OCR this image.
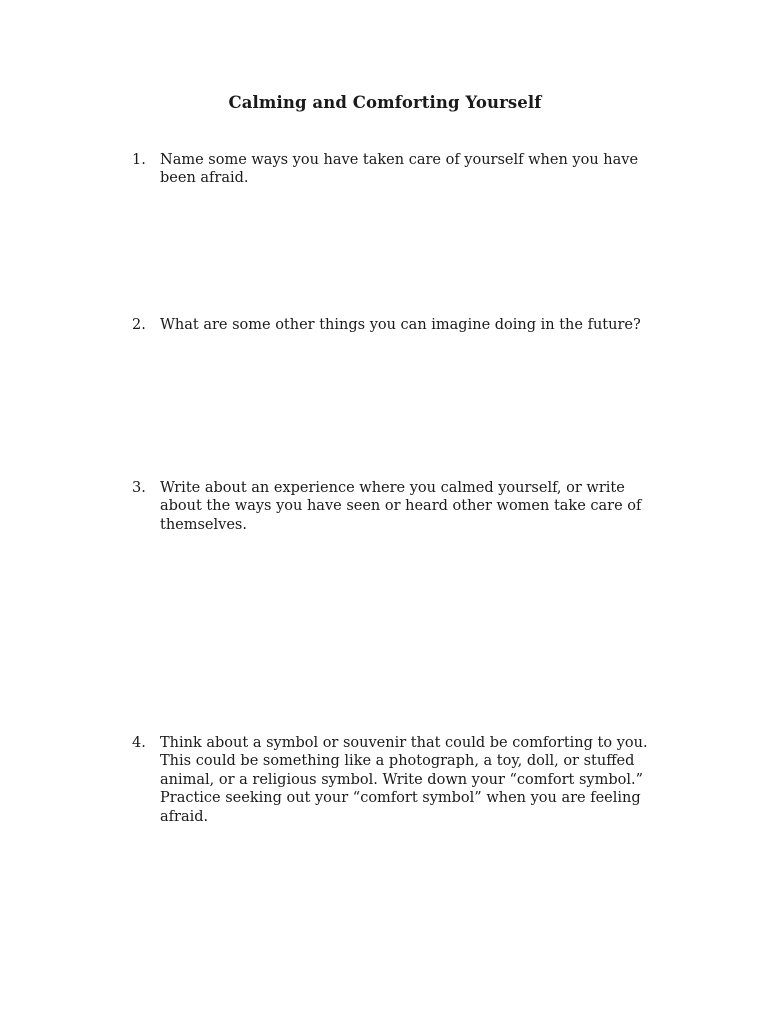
Calming and Comforting Yourself
1. Name some ways you have taken care of yourself when you have
been afraid.
2. What are some other things you can imagine doing in the future?
3. Write about an experience where you calmed yourself, or write
about the ways you have seen or heard other women take care of
themselves.
4. Think about a symbol or souvenir that could be comforting to you.
This could be something like a photograph, a toy, doll, or stuffed
animal, or a religious symbol. Write down your “comfort symbol.”
Practice seeking out your “comfort symbol” when you are feeling
afraid.
